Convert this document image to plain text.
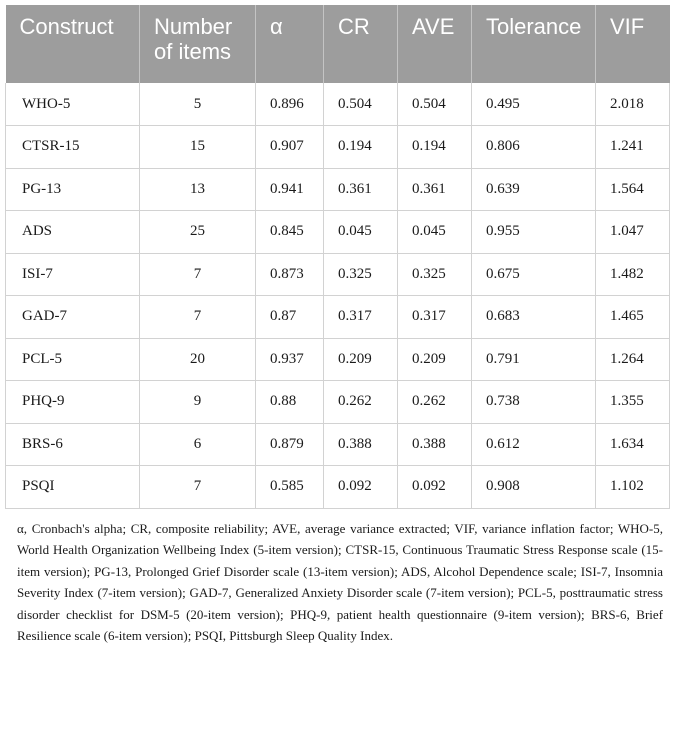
Construct	Number of items	α	CR	AVE	Tolerance	VIF
WHO-5	5	0.896	0.504	0.504	0.495	2.018
CTSR-15	15	0.907	0.194	0.194	0.806	1.241
PG-13	13	0.941	0.361	0.361	0.639	1.564
ADS	25	0.845	0.045	0.045	0.955	1.047
ISI-7	7	0.873	0.325	0.325	0.675	1.482
GAD-7	7	0.87	0.317	0.317	0.683	1.465
PCL-5	20	0.937	0.209	0.209	0.791	1.264
PHQ-9	9	0.88	0.262	0.262	0.738	1.355
BRS-6	6	0.879	0.388	0.388	0.612	1.634
PSQI	7	0.585	0.092	0.092	0.908	1.102

α, Cronbach's alpha; CR, composite reliability; AVE, average variance extracted; VIF, variance inflation factor; WHO-5, World Health Organization Wellbeing Index (5-item version); CTSR-15, Continuous Traumatic Stress Response scale (15-item version); PG-13, Prolonged Grief Disorder scale (13-item version); ADS, Alcohol Dependence scale; ISI-7, Insomnia Severity Index (7-item version); GAD-7, Generalized Anxiety Disorder scale (7-item version); PCL-5, posttraumatic stress disorder checklist for DSM-5 (20-item version); PHQ-9, patient health questionnaire (9-item version); BRS-6, Brief Resilience scale (6-item version); PSQI, Pittsburgh Sleep Quality Index.
